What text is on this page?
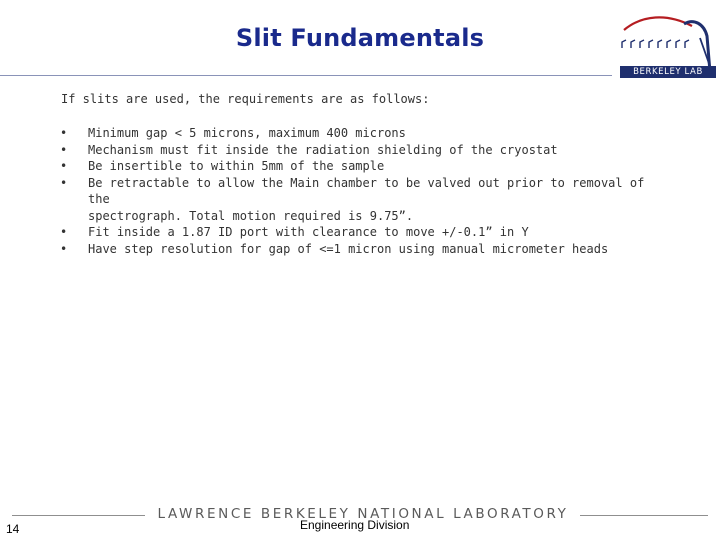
Slit Fundamentals
BERKELEY LAB
If slits are used, the requirements are as follows:
• Minimum gap < 5 microns, maximum 400 microns
• Mechanism must fit inside the radiation shielding of the cryostat
• Be insertible to within 5mm of the sample
• Be retractable to allow the Main chamber to be valved out prior to removal of the
spectrograph. Total motion required is 9.75”.
• Fit inside a 1.87 ID port with clearance to move +/-0.1” in Y
• Have step resolution for gap of <=1 micron using manual micrometer heads
LAWRENCE BERKELEY NATIONAL LABORATORY
Engineering Division
14
